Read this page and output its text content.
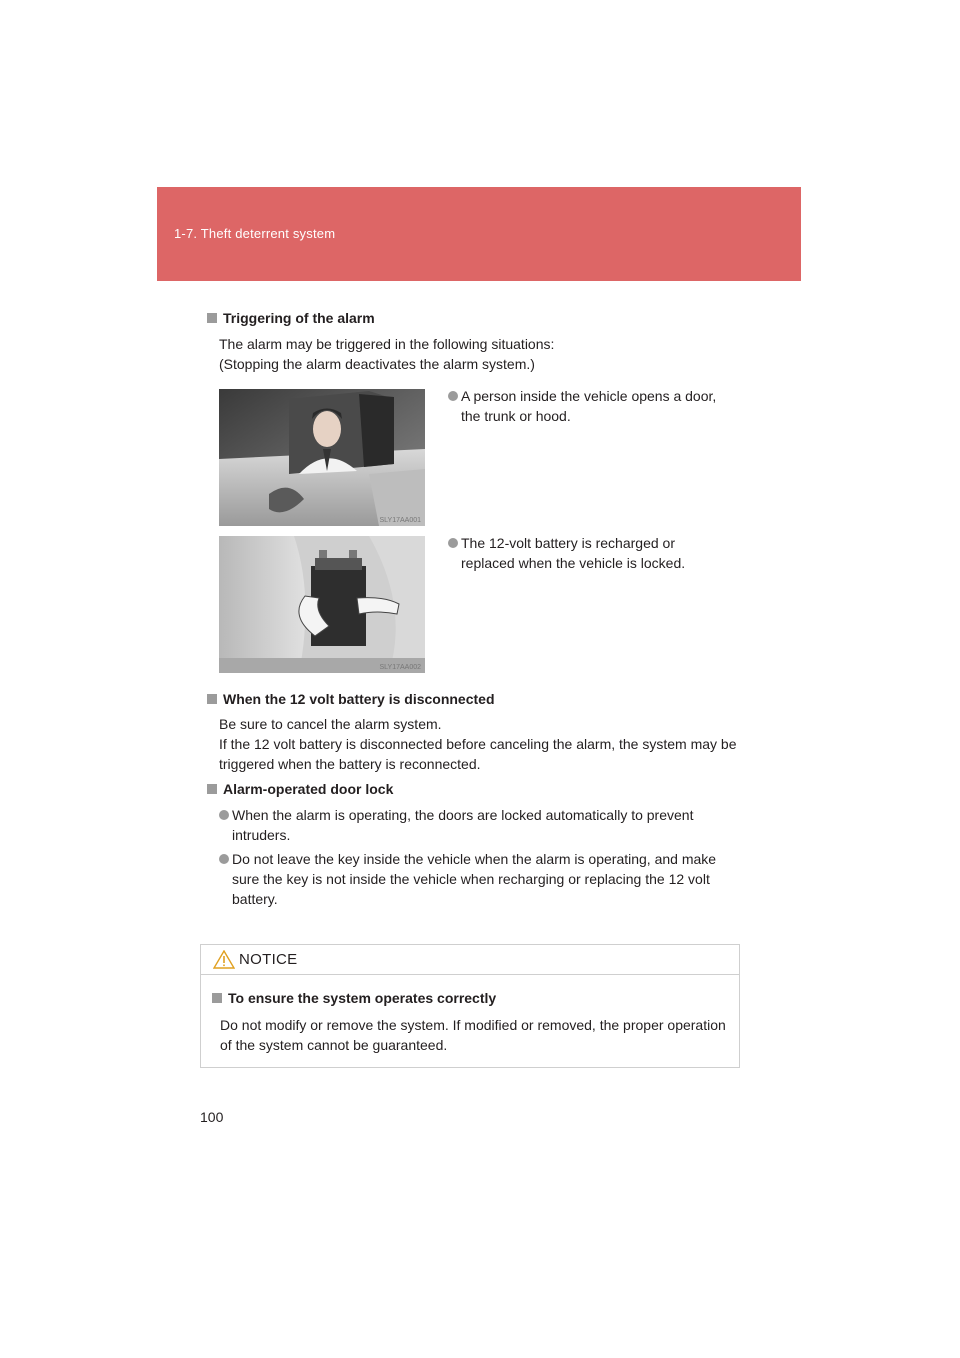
1-7. Theft deterrent system
Triggering of the alarm
The alarm may be triggered in the following situations:
(Stopping the alarm deactivates the alarm system.)
SLY17AA001
SLY17AA002
A person inside the vehicle opens a door,
the trunk or hood.
The 12-volt battery is recharged or
replaced when the vehicle is locked.
When the 12 volt battery is disconnected
Be sure to cancel the alarm system.
If the 12 volt battery is disconnected before canceling the alarm, the system may be
triggered when the battery is reconnected.
Alarm-operated door lock
When the alarm is operating, the doors are locked automatically to prevent
intruders.
Do not leave the key inside the vehicle when the alarm is operating, and make
sure the key is not inside the vehicle when recharging or replacing the 12 volt
battery.
NOTICE
To ensure the system operates correctly
Do not modify or remove the system. If modified or removed, the proper operation
of the system cannot be guaranteed.
100
